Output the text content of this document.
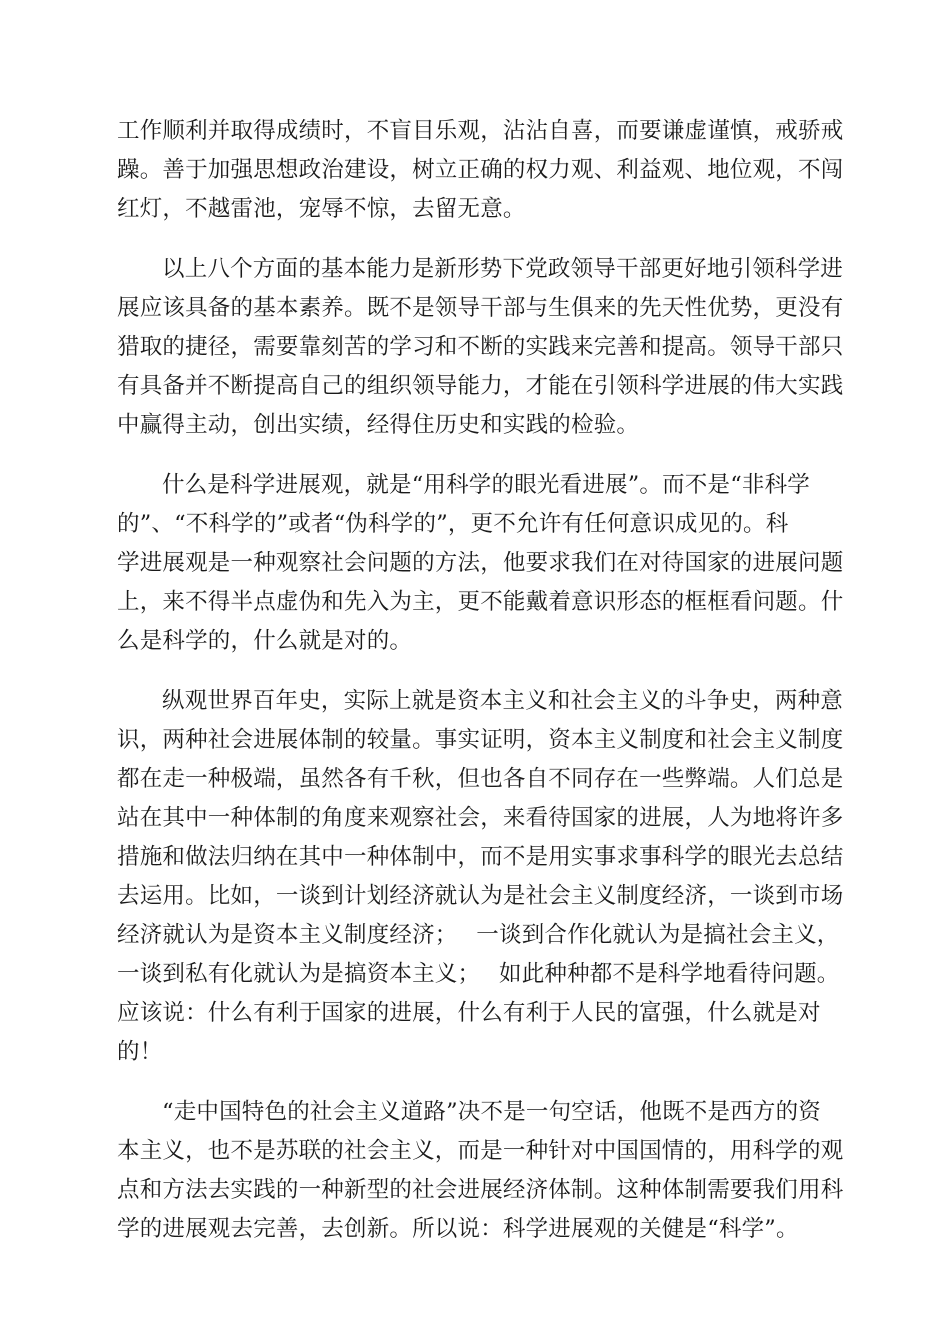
工作顺利并取得成绩时，不盲目乐观，沾沾自喜，而要谦虚谨慎，戒骄戒
躁。善于加强思想政治建设，树立正确的权力观、利益观、地位观，不闯
红灯，不越雷池，宠辱不惊，去留无意。

以上八个方面的基本能力是新形势下党政领导干部更好地引领科学进
展应该具备的基本素养。既不是领导干部与生俱来的先天性优势，更没有
猎取的捷径，需要靠刻苦的学习和不断的实践来完善和提高。领导干部只
有具备并不断提高自己的组织领导能力，才能在引领科学进展的伟大实践
中赢得主动，创出实绩，经得住历史和实践的检验。

什么是科学进展观，就是“用科学的眼光看进展”。而不是“非科学
的”、“不科学的”或者“伪科学的”，更不允许有任何意识成见的。科
学进展观是一种观察社会问题的方法，他要求我们在对待国家的进展问题
上，来不得半点虚伪和先入为主，更不能戴着意识形态的框框看问题。什
么是科学的，什么就是对的。

纵观世界百年史，实际上就是资本主义和社会主义的斗争史，两种意
识，两种社会进展体制的较量。事实证明，资本主义制度和社会主义制度
都在走一种极端，虽然各有千秋，但也各自不同存在一些弊端。人们总是
站在其中一种体制的角度来观察社会，来看待国家的进展，人为地将许多
措施和做法归纳在其中一种体制中，而不是用实事求事科学的眼光去总结
去运用。比如，一谈到计划经济就认为是社会主义制度经济，一谈到市场
经济就认为是资本主义制度经济；　 一谈到合作化就认为是搞社会主义，
一谈到私有化就认为是搞资本主义；　 如此种种都不是科学地看待问题。
应该说：什么有利于国家的进展，什么有利于人民的富强，什么就是对
的！

“走中国特色的社会主义道路”决不是一句空话，他既不是西方的资
本主义，也不是苏联的社会主义，而是一种针对中国国情的，用科学的观
点和方法去实践的一种新型的社会进展经济体制。这种体制需要我们用科
学的进展观去完善，去创新。所以说：科学进展观的关健是“科学”。
